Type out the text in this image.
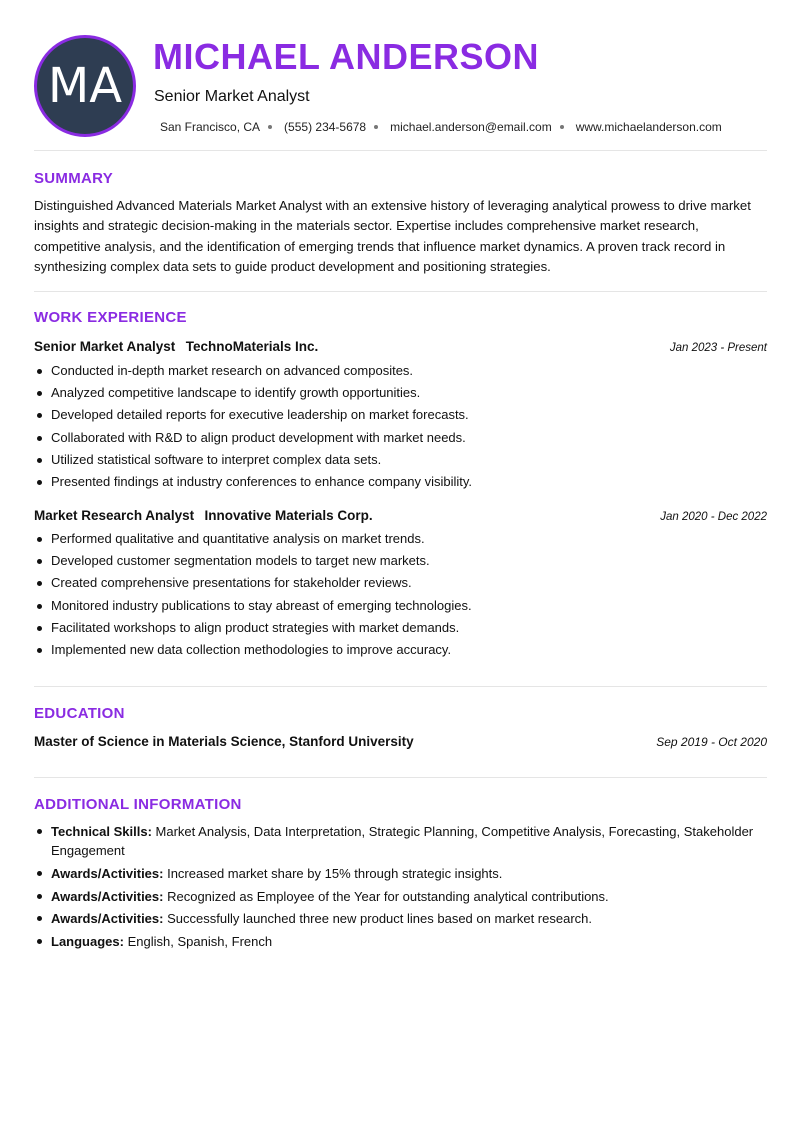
MA
MICHAEL ANDERSON
Senior Market Analyst
San Francisco, CA (555) 234-5678 michael.anderson@email.com www.michaelanderson.com
SUMMARY

Distinguished Advanced Materials Market Analyst with an extensive history of leveraging analytical prowess to drive market insights and strategic decision-making in the materials sector. Expertise includes comprehensive market research, competitive analysis, and the identification of emerging trends that influence market dynamics. A proven track record in synthesizing complex data sets to guide product development and positioning strategies.

WORK EXPERIENCE
Senior Market Analyst TechnoMaterials Inc.	Jan 2023 - Present
Conducted in-depth market research on advanced composites.
Analyzed competitive landscape to identify growth opportunities.
Developed detailed reports for executive leadership on market forecasts.
Collaborated with R&D to align product development with market needs.
Utilized statistical software to interpret complex data sets.
Presented findings at industry conferences to enhance company visibility.
Market Research Analyst Innovative Materials Corp.	Jan 2020 - Dec 2022
Performed qualitative and quantitative analysis on market trends.
Developed customer segmentation models to target new markets.
Created comprehensive presentations for stakeholder reviews.
Monitored industry publications to stay abreast of emerging technologies.
Facilitated workshops to align product strategies with market demands.
Implemented new data collection methodologies to improve accuracy.
EDUCATION
Master of Science in Materials Science, Stanford University	Sep 2019 - Oct 2020
ADDITIONAL INFORMATION
Technical Skills: Market Analysis, Data Interpretation, Strategic Planning, Competitive Analysis, Forecasting, Stakeholder Engagement
Awards/Activities: Increased market share by 15% through strategic insights.
Awards/Activities: Recognized as Employee of the Year for outstanding analytical contributions.
Awards/Activities: Successfully launched three new product lines based on market research.
Languages: English, Spanish, French
